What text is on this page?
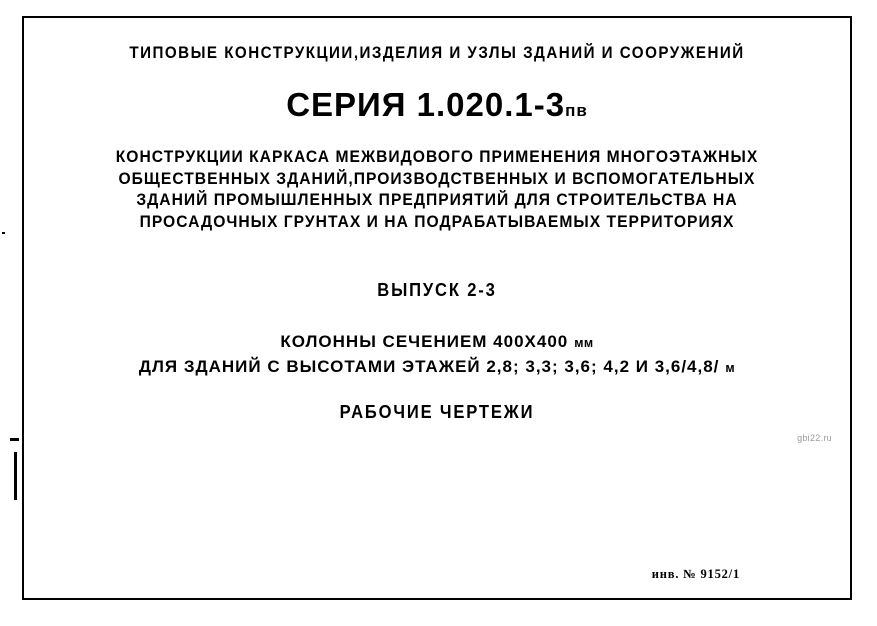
ТИПОВЫЕ КОНСТРУКЦИИ,ИЗДЕЛИЯ И УЗЛЫ ЗДАНИЙ И СООРУЖЕНИЙ
СЕРИЯ 1.020.1-3пв
КОНСТРУКЦИИ КАРКАСА МЕЖВИДОВОГО ПРИМЕНЕНИЯ МНОГОЭТАЖНЫХ
ОБЩЕСТВЕННЫХ ЗДАНИЙ,ПРОИЗВОДСТВЕННЫХ И ВСПОМОГАТЕЛЬНЫХ
ЗДАНИЙ ПРОМЫШЛЕННЫХ ПРЕДПРИЯТИЙ ДЛЯ СТРОИТЕЛЬСТВА НА
ПРОСАДОЧНЫХ ГРУНТАХ И НА ПОДРАБАТЫВАЕМЫХ ТЕРРИТОРИЯХ
ВЫПУСК 2-3
КОЛОННЫ СЕЧЕНИЕМ 400Х400 мм
ДЛЯ ЗДАНИЙ С ВЫСОТАМИ ЭТАЖЕЙ 2,8; 3,3; 3,6; 4,2 И 3,6/4,8/ м
РАБОЧИЕ ЧЕРТЕЖИ
gbi22.ru
инв. № 9152/1
